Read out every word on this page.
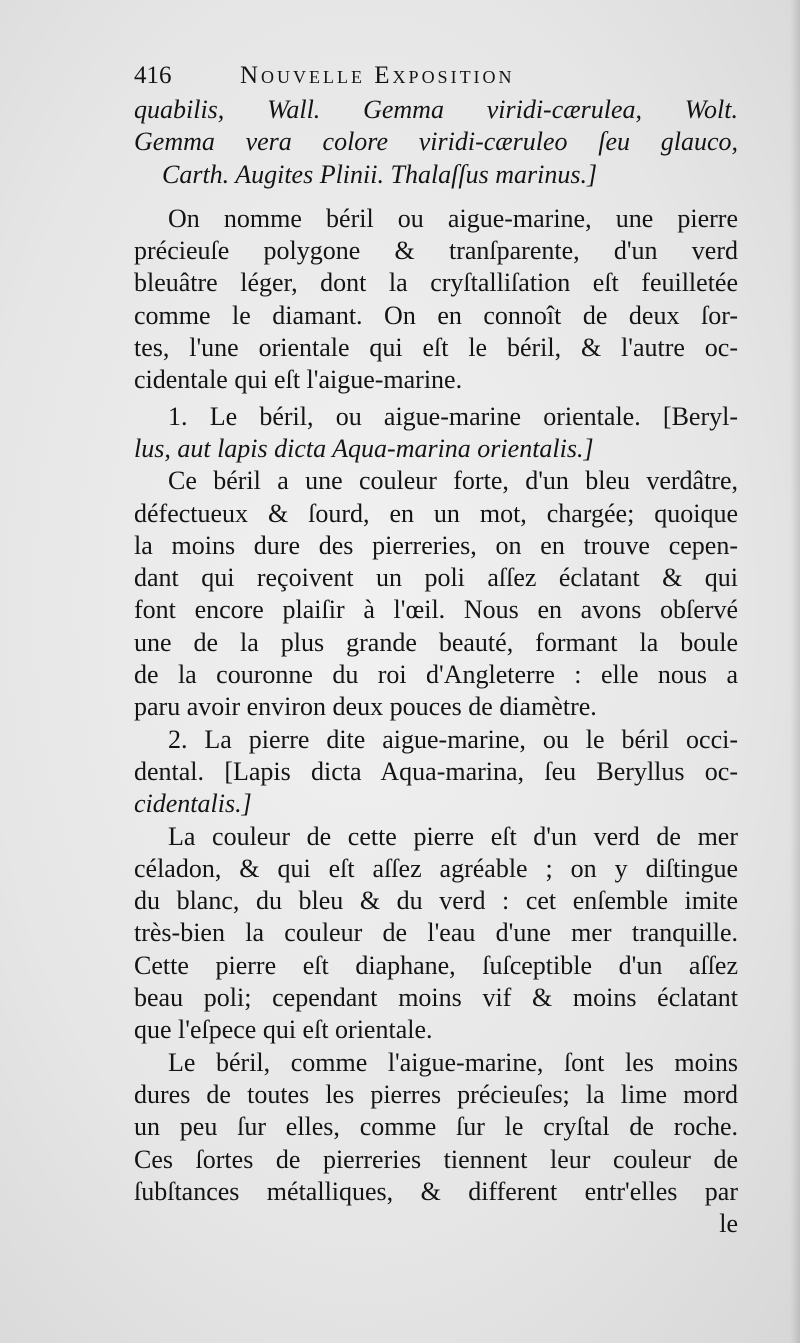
416	Nouvelle Exposition
quabilis, Wall. Gemma viridi-cærulea, Wolt.
Gemma vera colore viridi-cæruleo ſeu glauco,
Carth. Augites Plinii. Thalaſſus marinus.]
On nomme béril ou aigue-marine, une pierre
précieuſe polygone & tranſparente, d'un verd
bleuâtre léger, dont la cryſtalliſation eſt feuilletée
comme le diamant. On en connoît de deux ſor-
tes, l'une orientale qui eſt le béril, & l'autre oc-
cidentale qui eſt l'aigue-marine.
1. Le béril, ou aigue-marine orientale. [Beryl-
lus, aut lapis dicta Aqua-marina orientalis.]
Ce béril a une couleur forte, d'un bleu verdâtre,
défectueux & ſourd, en un mot, chargée; quoique
la moins dure des pierreries, on en trouve cepen-
dant qui reçoivent un poli aſſez éclatant & qui
font encore plaiſir à l'œil. Nous en avons obſervé
une de la plus grande beauté, formant la boule
de la couronne du roi d'Angleterre : elle nous a
paru avoir environ deux pouces de diamètre.
2. La pierre dite aigue-marine, ou le béril occi-
dental. [Lapis dicta Aqua-marina, ſeu Beryllus oc-
cidentalis.]
La couleur de cette pierre eſt d'un verd de mer
céladon, & qui eſt aſſez agréable ; on y diſtingue
du blanc, du bleu & du verd : cet enſemble imite
très-bien la couleur de l'eau d'une mer tranquille.
Cette pierre eſt diaphane, ſuſceptible d'un aſſez
beau poli; cependant moins vif & moins éclatant
que l'eſpece qui eſt orientale.
Le béril, comme l'aigue-marine, ſont les moins
dures de toutes les pierres précieuſes; la lime mord
un peu ſur elles, comme ſur le cryſtal de roche.
Ces ſortes de pierreries tiennent leur couleur de
ſubſtances métalliques, & different entr'elles par
le
